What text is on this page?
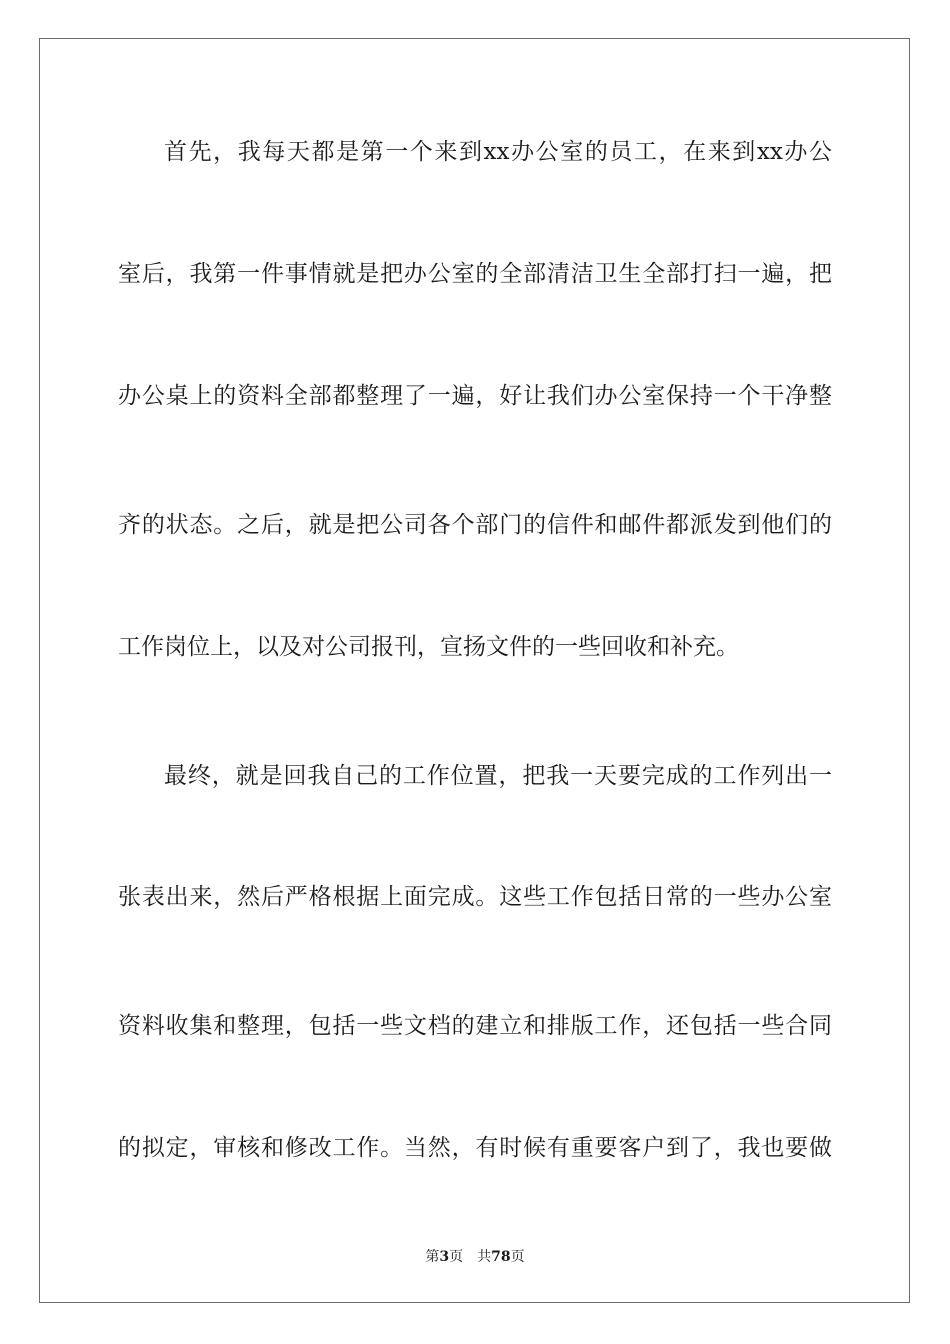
首先，我每天都是第一个来到xx办公室的员工，在来到xx办公
室后，我第一件事情就是把办公室的全部清洁卫生全部打扫一遍，把
办公桌上的资料全部都整理了一遍，好让我们办公室保持一个干净整
齐的状态。之后，就是把公司各个部门的信件和邮件都派发到他们的
工作岗位上，以及对公司报刊，宣扬文件的一些回收和补充。
最终，就是回我自己的工作位置，把我一天要完成的工作列出一
张表出来，然后严格根据上面完成。这些工作包括日常的一些办公室
资料收集和整理，包括一些文档的建立和排版工作，还包括一些合同
的拟定，审核和修改工作。当然，有时候有重要客户到了，我也要做
第3页 共78页
